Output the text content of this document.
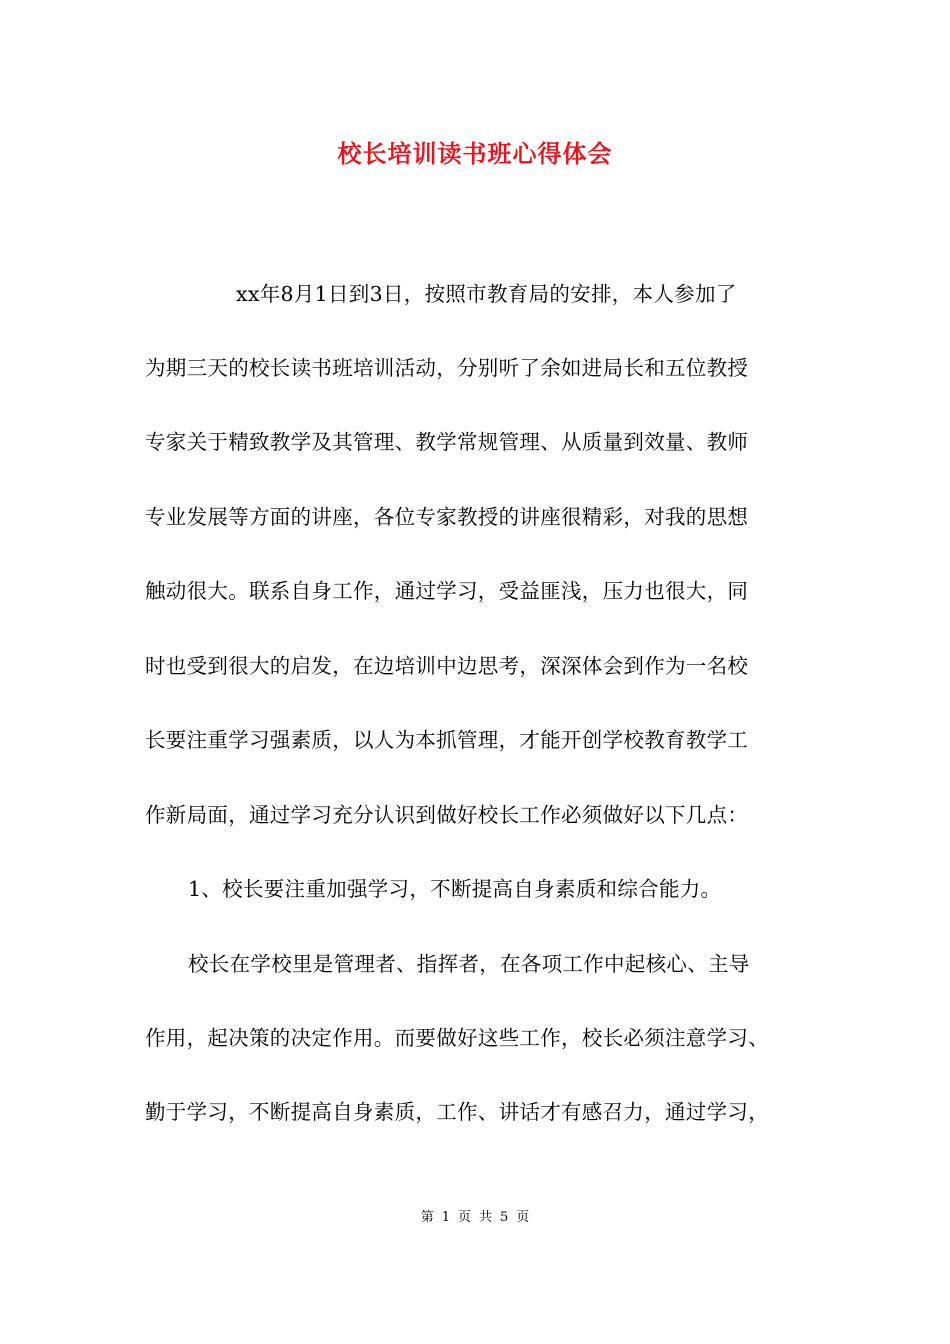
校长培训读书班心得体会
xx年8月1日到3日，按照市教育局的安排，本人参加了
为期三天的校长读书班培训活动，分别听了余如进局长和五位教授
专家关于精致教学及其管理、教学常规管理、从质量到效量、教师
专业发展等方面的讲座，各位专家教授的讲座很精彩，对我的思想
触动很大。联系自身工作，通过学习，受益匪浅，压力也很大，同
时也受到很大的启发，在边培训中边思考，深深体会到作为一名校
长要注重学习强素质，以人为本抓管理，才能开创学校教育教学工
作新局面，通过学习充分认识到做好校长工作必须做好以下几点：
1、校长要注重加强学习，不断提高自身素质和综合能力。
校长在学校里是管理者、指挥者，在各项工作中起核心、主导
作用，起决策的决定作用。而要做好这些工作，校长必须注意学习、
勤于学习，不断提高自身素质，工作、讲话才有感召力，通过学习，
第 1 页 共 5 页
